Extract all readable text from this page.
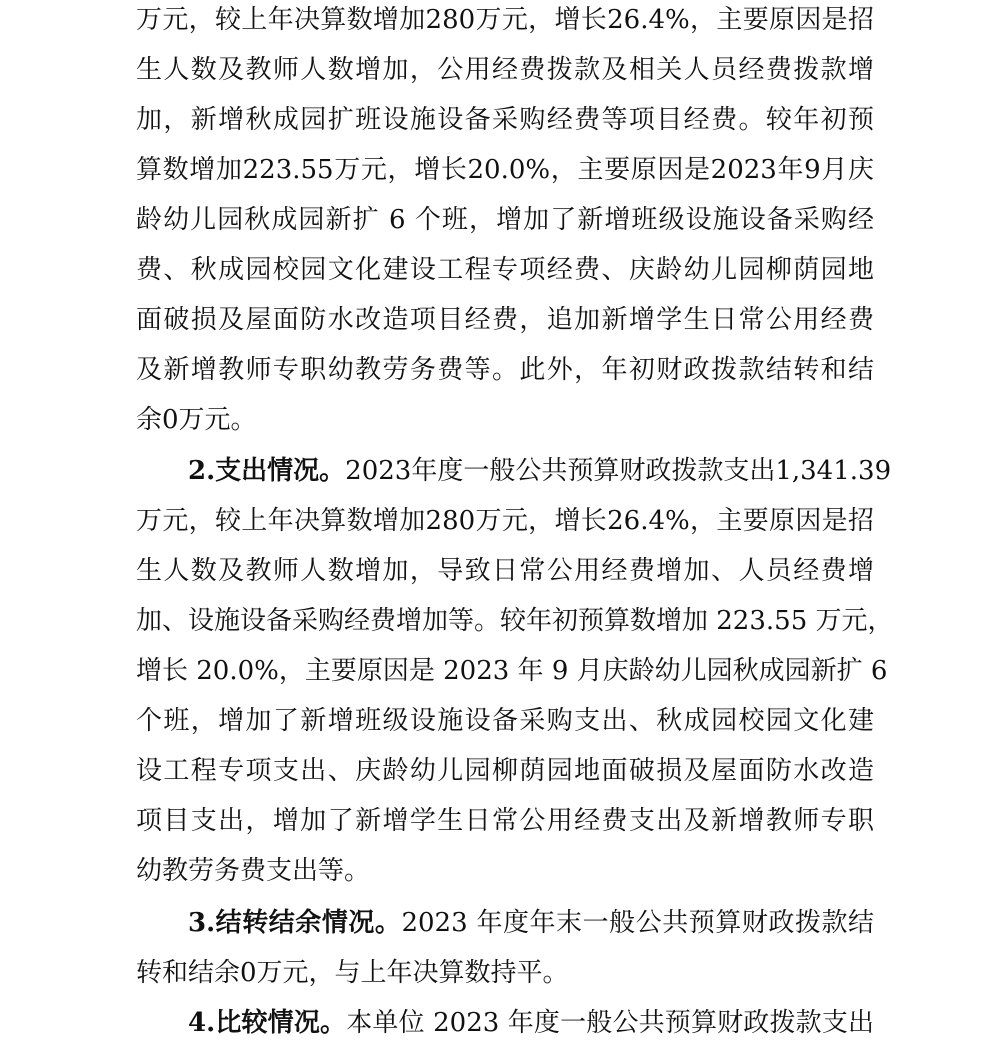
万元，较上年决算数增加280万元，增长26.4%，主要原因是招
生人数及教师人数增加，公用经费拨款及相关人员经费拨款增
加，新增秋成园扩班设施设备采购经费等项目经费。较年初预
算数增加223.55万元，增长20.0%，主要原因是2023年9月庆
龄幼儿园秋成园新扩 6 个班，增加了新增班级设施设备采购经
费、秋成园校园文化建设工程专项经费、庆龄幼儿园柳荫园地
面破损及屋面防水改造项目经费，追加新增学生日常公用经费
及新增教师专职幼教劳务费等。此外，年初财政拨款结转和结
余0万元。
2.支出情况。2023年度一般公共预算财政拨款支出1,341.39
万元，较上年决算数增加280万元，增长26.4%，主要原因是招
生人数及教师人数增加，导致日常公用经费增加、人员经费增
加、设施设备采购经费增加等。较年初预算数增加 223.55 万元，
增长 20.0%，主要原因是 2023 年 9 月庆龄幼儿园秋成园新扩 6
个班，增加了新增班级设施设备采购支出、秋成园校园文化建
设工程专项支出、庆龄幼儿园柳荫园地面破损及屋面防水改造
项目支出，增加了新增学生日常公用经费支出及新增教师专职
幼教劳务费支出等。
3.结转结余情况。2023 年度年末一般公共预算财政拨款结
转和结余0万元，与上年决算数持平。
4.比较情况。本单位 2023 年度一般公共预算财政拨款支出
